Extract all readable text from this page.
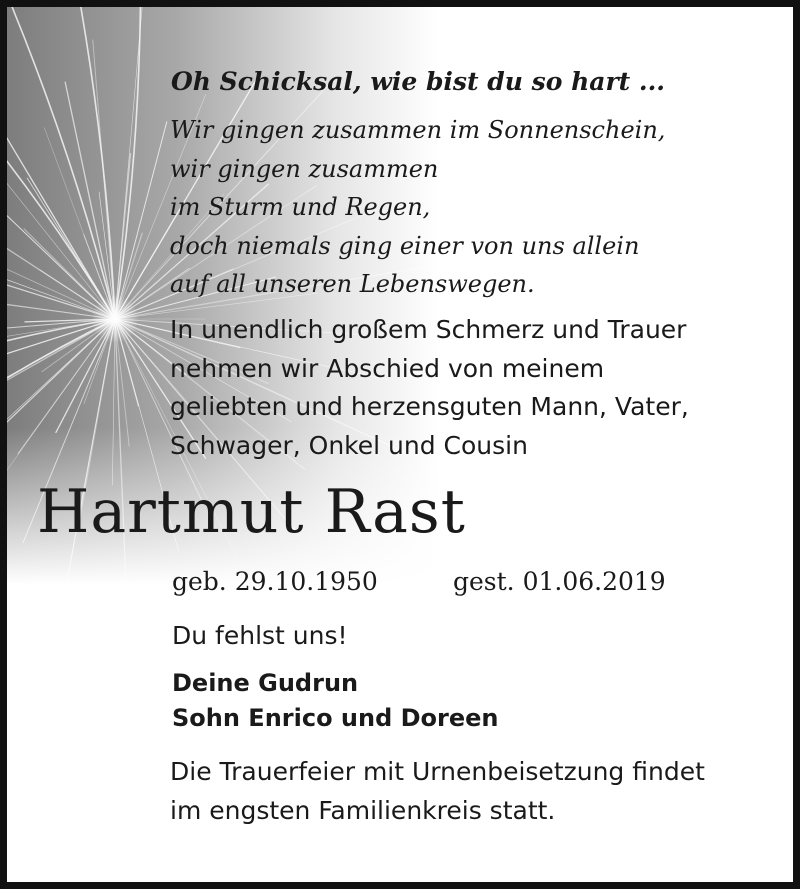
Oh Schicksal, wie bist du so hart ...

Wir gingen zusammen im Sonnenschein,
wir gingen zusammen
im Sturm und Regen,
doch niemals ging einer von uns allein
auf all unseren Lebenswegen.
In unendlich großem Schmerz und Trauer
nehmen wir Abschied von meinem
geliebten und herzensguten Mann, Vater,
Schwager, Onkel und Cousin

Hartmut Rast

geb. 29.10.1950	gest. 01.06.2019

Du fehlst uns!

Deine Gudrun
Sohn Enrico und Doreen
Die Trauerfeier mit Urnenbeisetzung findet
im engsten Familienkreis statt.
